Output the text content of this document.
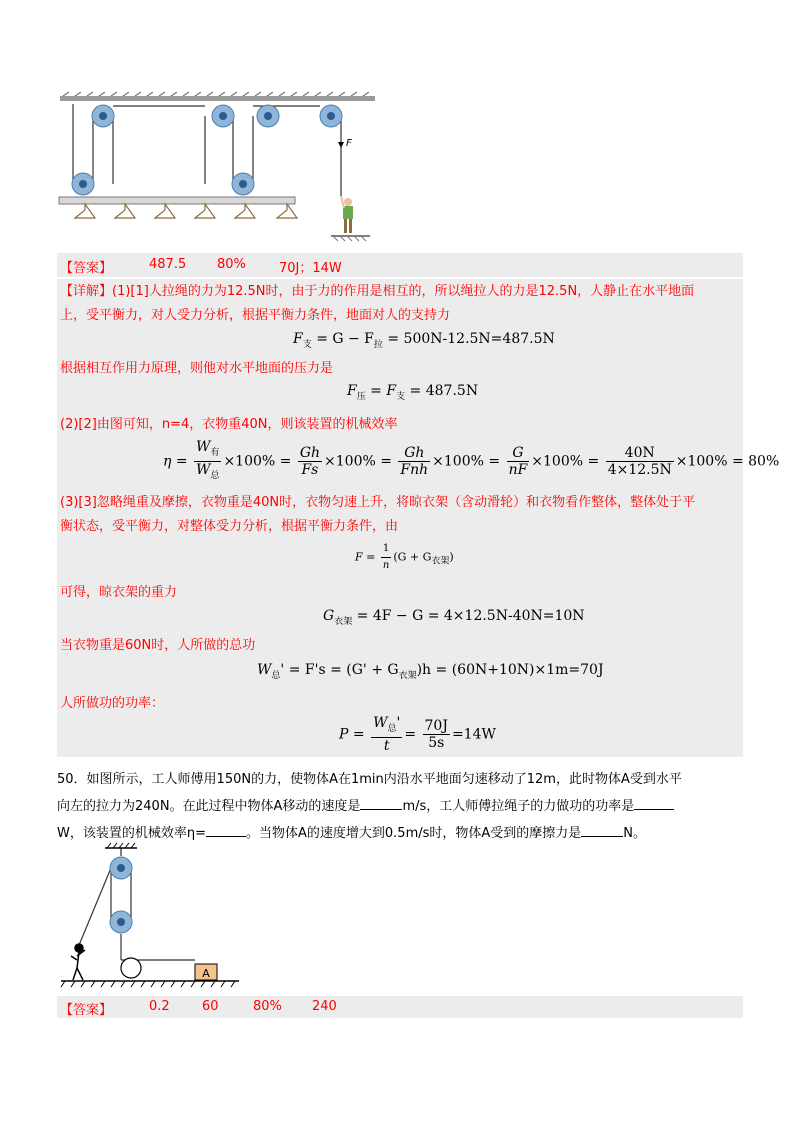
F
【答案】	487.5 80%	70J；14W
【详解】(1)[1]人拉绳的力为12.5N时，由于力的作用是相互的，所以绳拉人的力是12.5N，人静止在水平地面
上，受平衡力，对人受力分析，根据平衡力条件，地面对人的支持力
$F_支 = G - F_拉 = 500N-12.5N=487.5N$
根据相互作用力原理，则他对水平地面的压力是
$F_压 = F_支 = 487.5N$
(2)[2]由图可知，n=4，衣物重40N，则该装置的机械效率
$\eta = \frac{W_有}{W_总} \times 100\% = \frac{Gh}{Fs} \times 100\% = \frac{Gh}{\text{Fnh}} \times 100\% = \frac{G}{nF} \times 100\% = \frac{40N}{4\times 12.5N} \times 100\% = 80\%$
(3)[3]忽略绳重及摩擦，衣物重是40N时，衣物匀速上升，将晾衣架（含动滑轮）和衣物看作整体，整体处于平
衡状态，受平衡力，对整体受力分析，根据平衡力条件，由
$F = \frac{1}{n} (G + G_{衣架})$
可得，晾衣架的重力
$G_{衣架} = 4F - G = 4\times 12.5N-40N=10N$
当衣物重是60N时，人所做的总功
$W_总' = F's = (G' + G_{衣架})h = (60N+10N)\times 1m=70J$
人所做功的功率：
$P = \frac{W_总'}{t} = \frac{70J}{5s} =14W$
50．如图所示，工人师傅用150N的力，使物体A在1min内沿水平地面匀速移动了12m，此时物体A受到水平
向左的拉力为240N。在此过程中物体A移动的速度是	m/s，工人师傅拉绳子的力做功的功率是
W，该装置的机械效率η=	。当物体A的速度增大到0.5m/s时，物体A受到的摩擦力是	N。
A
【答案】	0.2 60	80% 240
